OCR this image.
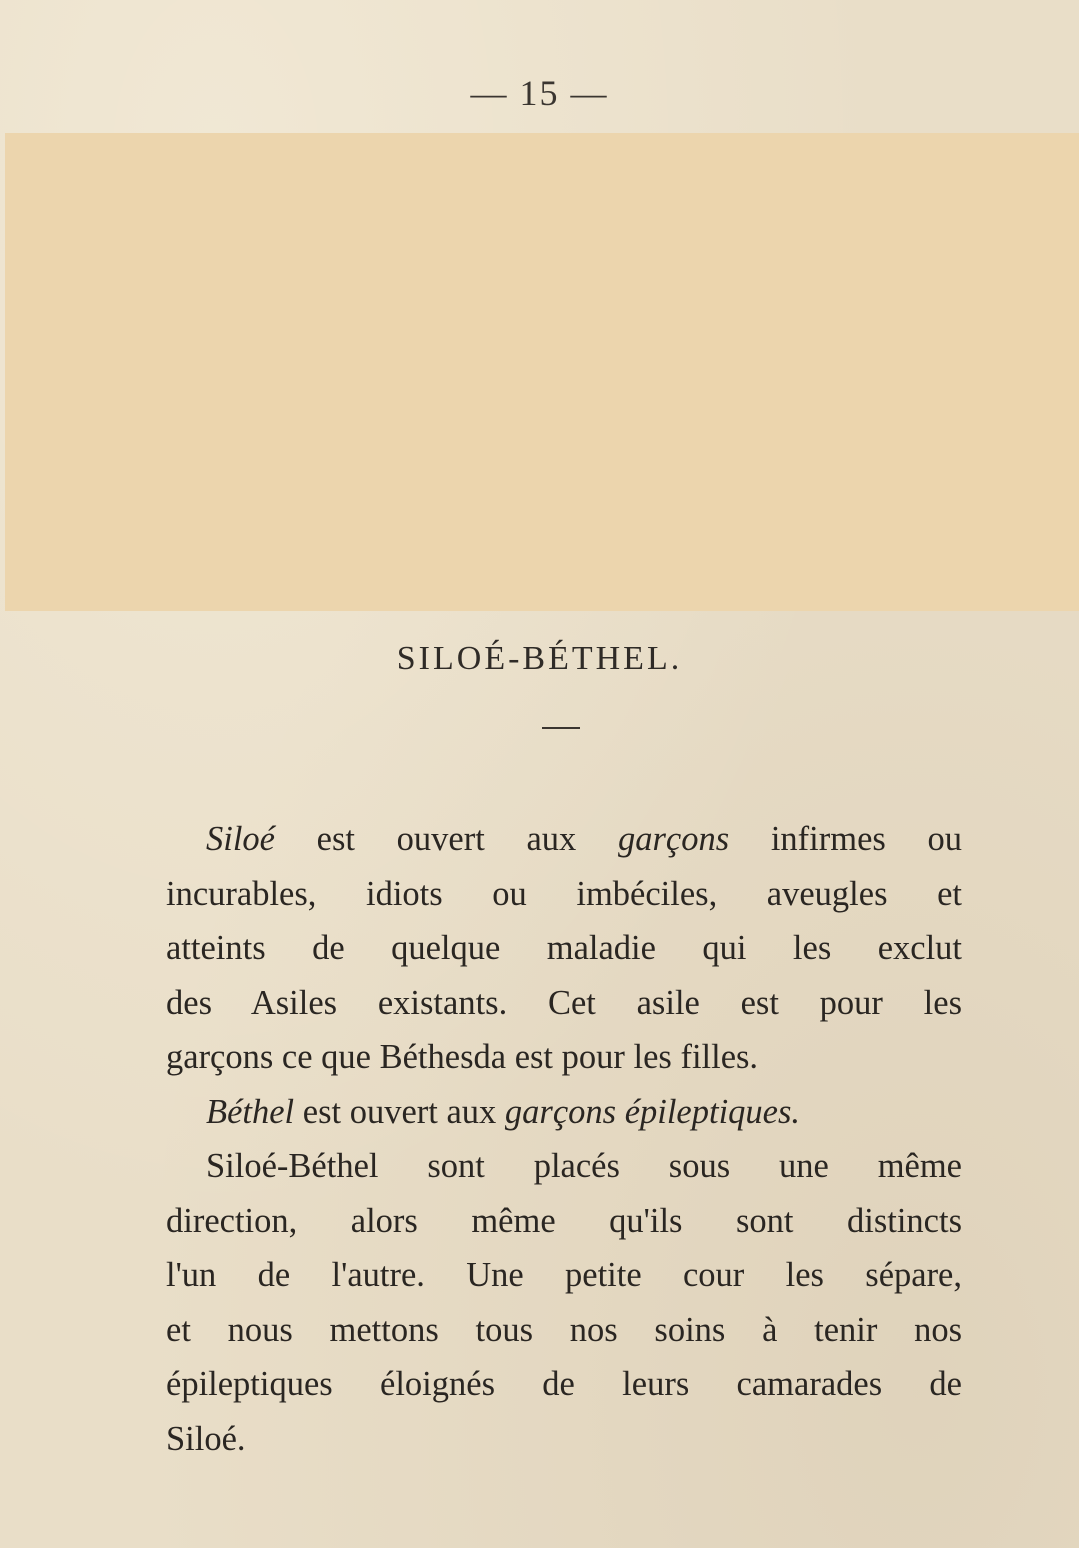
— 15 —
SILOÉ-BÉTHEL.

Siloé est ouvert aux garçons infirmes ou

incurables, idiots ou imbéciles, aveugles et

atteints de quelque maladie qui les exclut

des Asiles existants. Cet asile est pour les

garçons ce que Béthesda est pour les filles.

Béthel est ouvert aux garçons épileptiques.

Siloé-Béthel sont placés sous une même

direction, alors même qu'ils sont distincts

l'un de l'autre. Une petite cour les sépare,

et nous mettons tous nos soins à tenir nos

épileptiques éloignés de leurs camarades de

Siloé.
